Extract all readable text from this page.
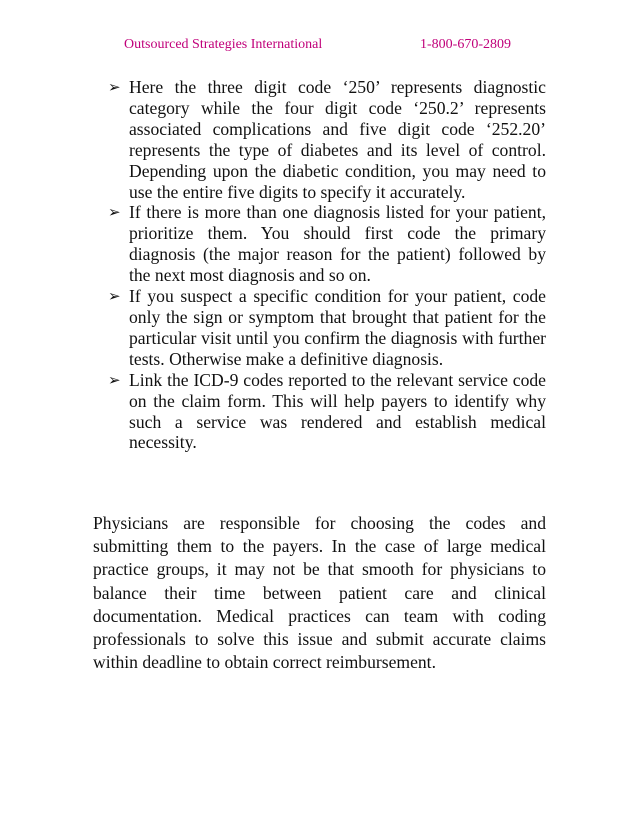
Outsourced Strategies International	1-800-670-2809
➢ Here the three digit code ‘250’ represents diagnostic category while the four digit code ‘250.2’ represents associated complications and five digit code ‘252.20’ represents the type of diabetes and its level of control. Depending upon the diabetic condition, you may need to use the entire five digits to specify it accurately.
➢ If there is more than one diagnosis listed for your patient, prioritize them. You should first code the primary diagnosis (the major reason for the patient) followed by the next most diagnosis and so on.
➢ If you suspect a specific condition for your patient, code only the sign or symptom that brought that patient for the particular visit until you confirm the diagnosis with further tests. Otherwise make a definitive diagnosis.
➢ Link the ICD-9 codes reported to the relevant service code on the claim form. This will help payers to identify why such a service was rendered and establish medical necessity.

Physicians are responsible for choosing the codes and submitting them to the payers. In the case of large medical practice groups, it may not be that smooth for physicians to balance their time between patient care and clinical documentation. Medical practices can team with coding professionals to solve this issue and submit accurate claims within deadline to obtain correct reimbursement.
